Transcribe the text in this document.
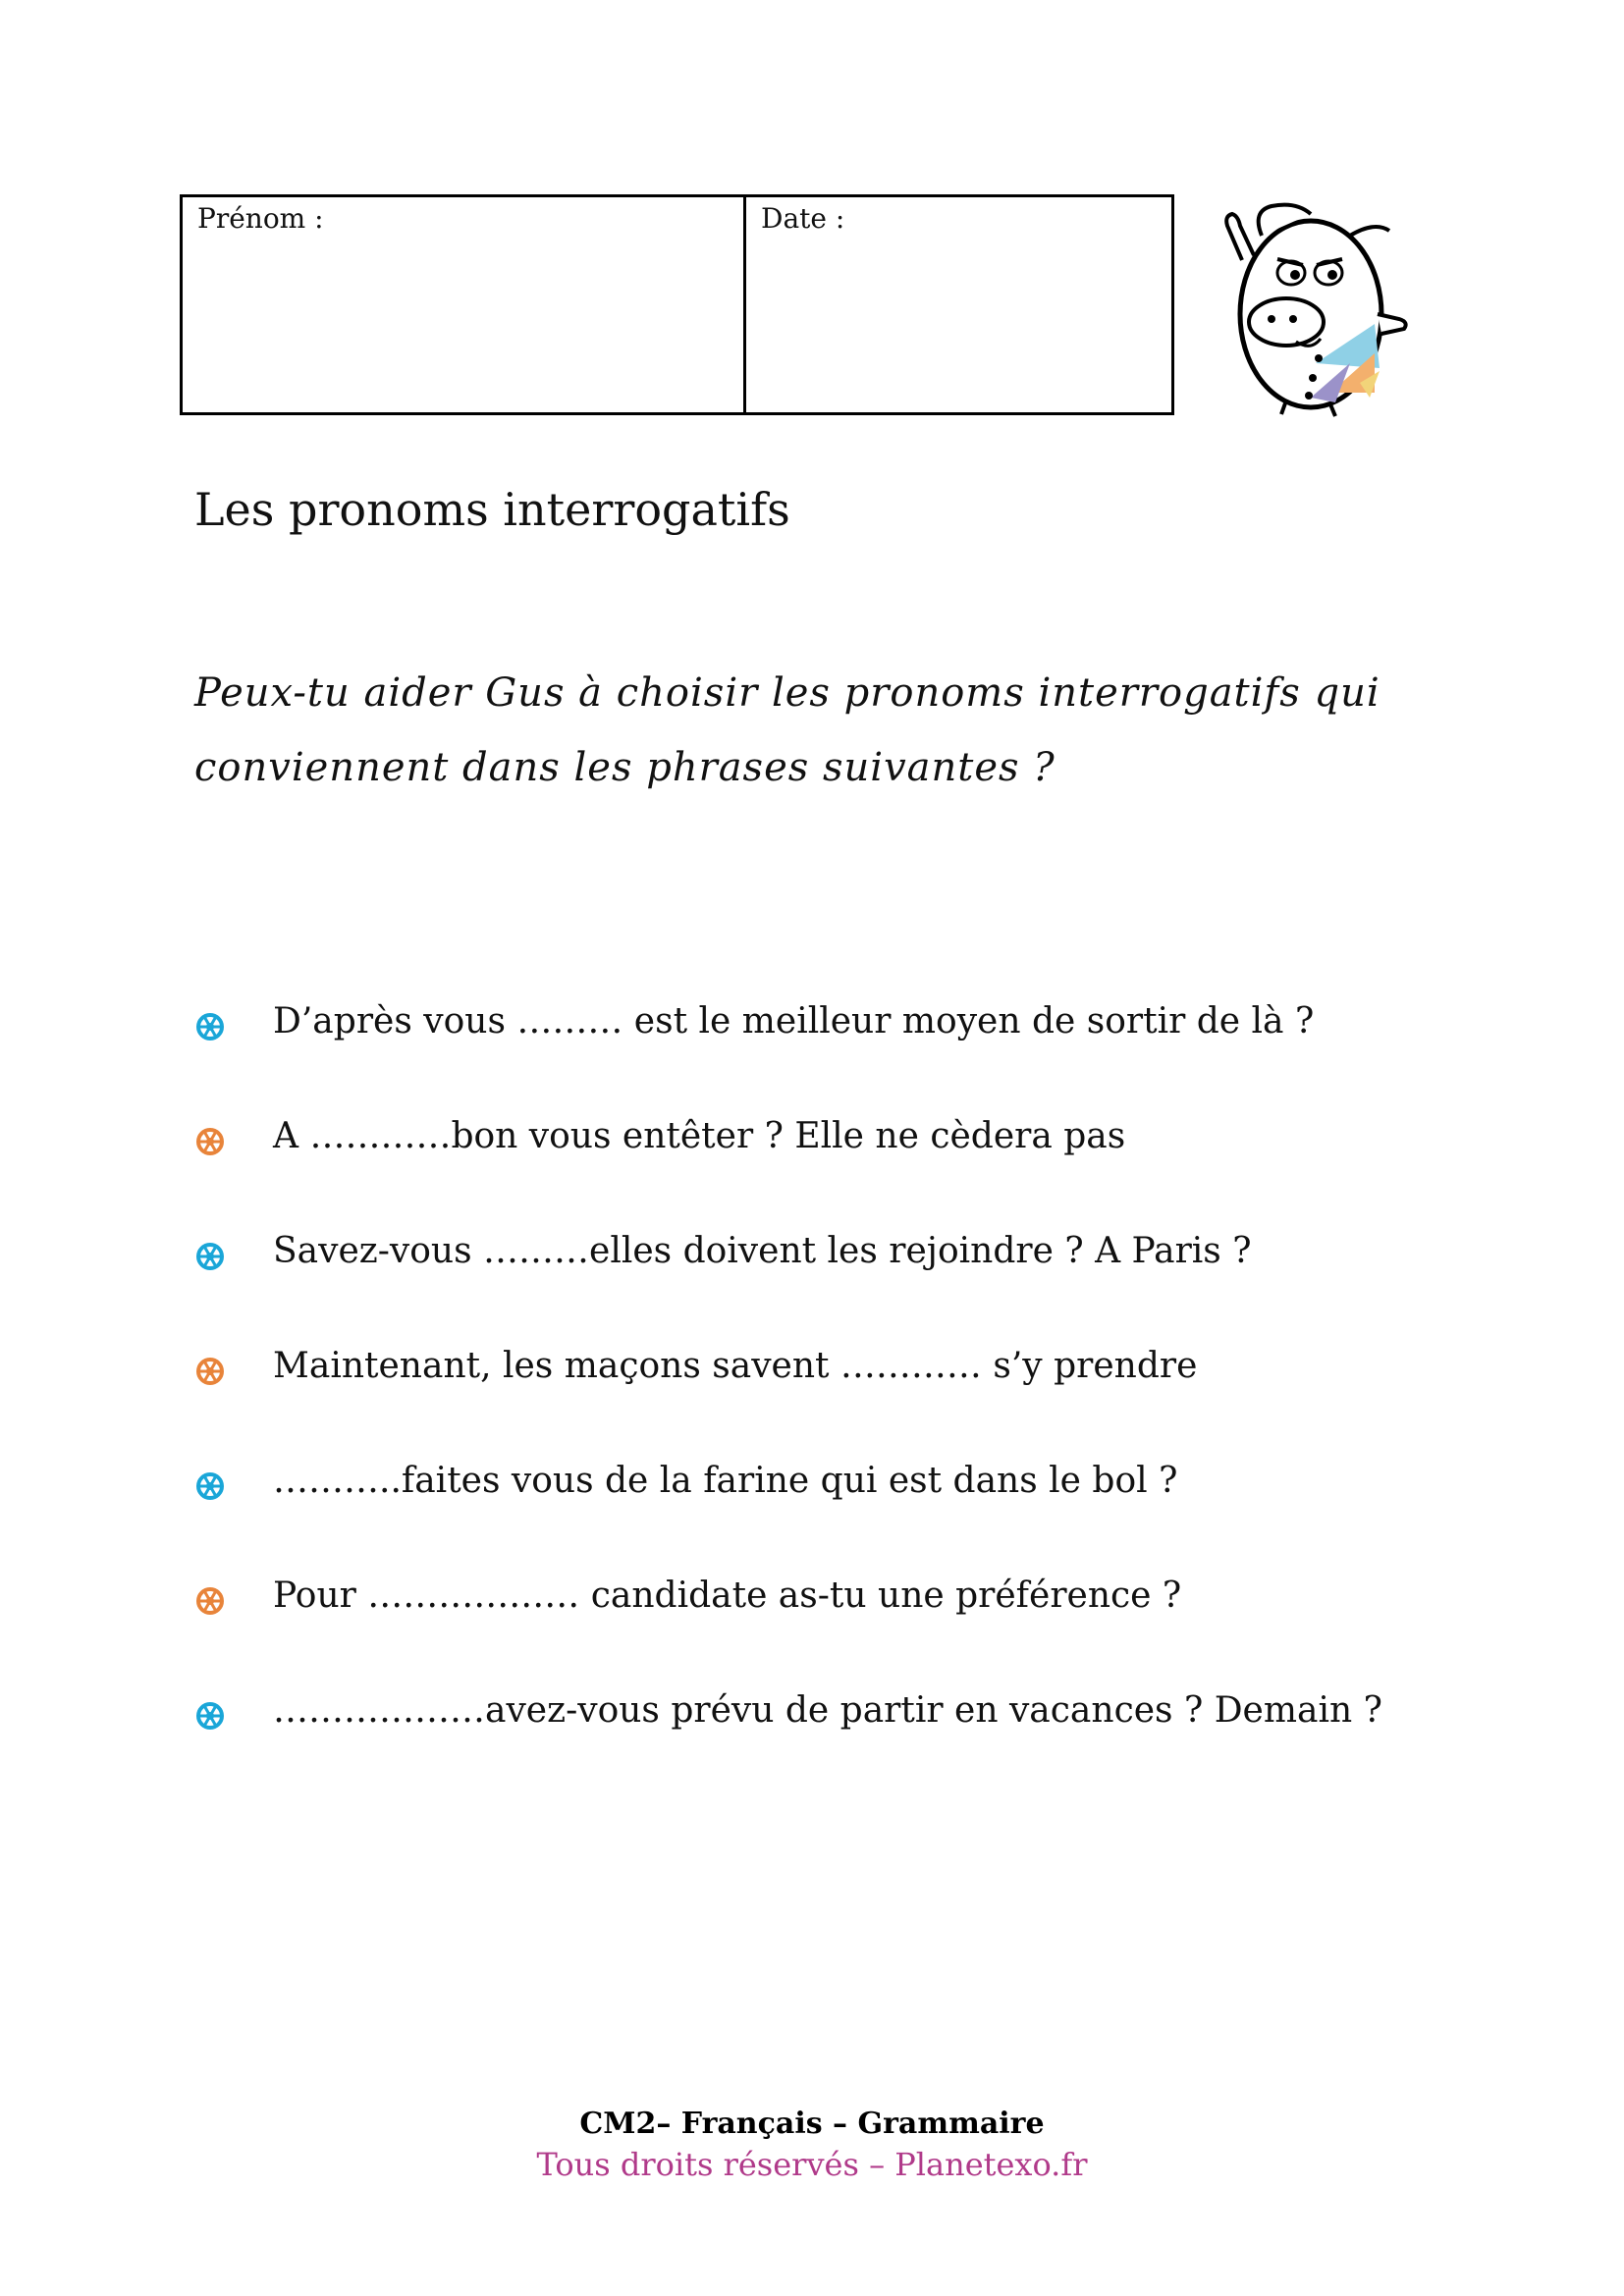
Prénom :	Date :
Les pronoms interrogatifs

Peux-tu aider Gus à choisir les pronoms interrogatifs qui conviennent dans les phrases suivantes ?

D’après vous ……… est le meilleur moyen de sortir de là ?
A …………bon vous entêter ? Elle ne cèdera pas
Savez-vous ………elles doivent les rejoindre ? A Paris ?
Maintenant, les maçons savent ………… s’y prendre
………..faites vous de la farine qui est dans le bol ?
Pour ……………… candidate as-tu une préférence ?
………………avez-vous prévu de partir en vacances ? Demain ?
CM2– Français – Grammaire
Tous droits réservés – Planetexo.fr
